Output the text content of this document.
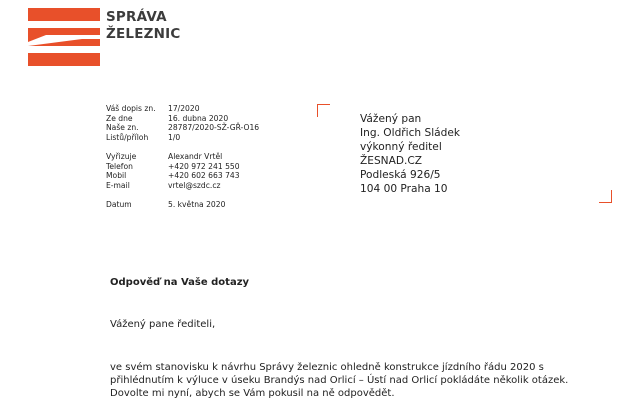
SPRÁVA
ŽELEZNIC
Váš dopis zn.	17/2020
Ze dne	16. dubna 2020
Naše zn.	28787/2020-SŽ-GŘ-O16
Listů/příloh	1/0
Vyřizuje	Alexandr Vrtěl
Telefon	+420 972 241 550
Mobil	+420 602 663 743
E-mail	vrtel@szdc.cz
Datum	5. května 2020
Vážený pan
Ing. Oldřich Sládek
výkonný ředitel
ŽESNAD.CZ
Podleská 926/5
104 00 Praha 10
Odpověď na Vaše dotazy
Vážený pane řediteli,
ve svém stanovisku k návrhu Správy železnic ohledně konstrukce jízdního řádu 2020 s
přihlédnutím k výluce v úseku Brandýs nad Orlicí – Ústí nad Orlicí pokládáte několik otázek.
Dovolte mi nyní, abych se Vám pokusil na ně odpovědět.
